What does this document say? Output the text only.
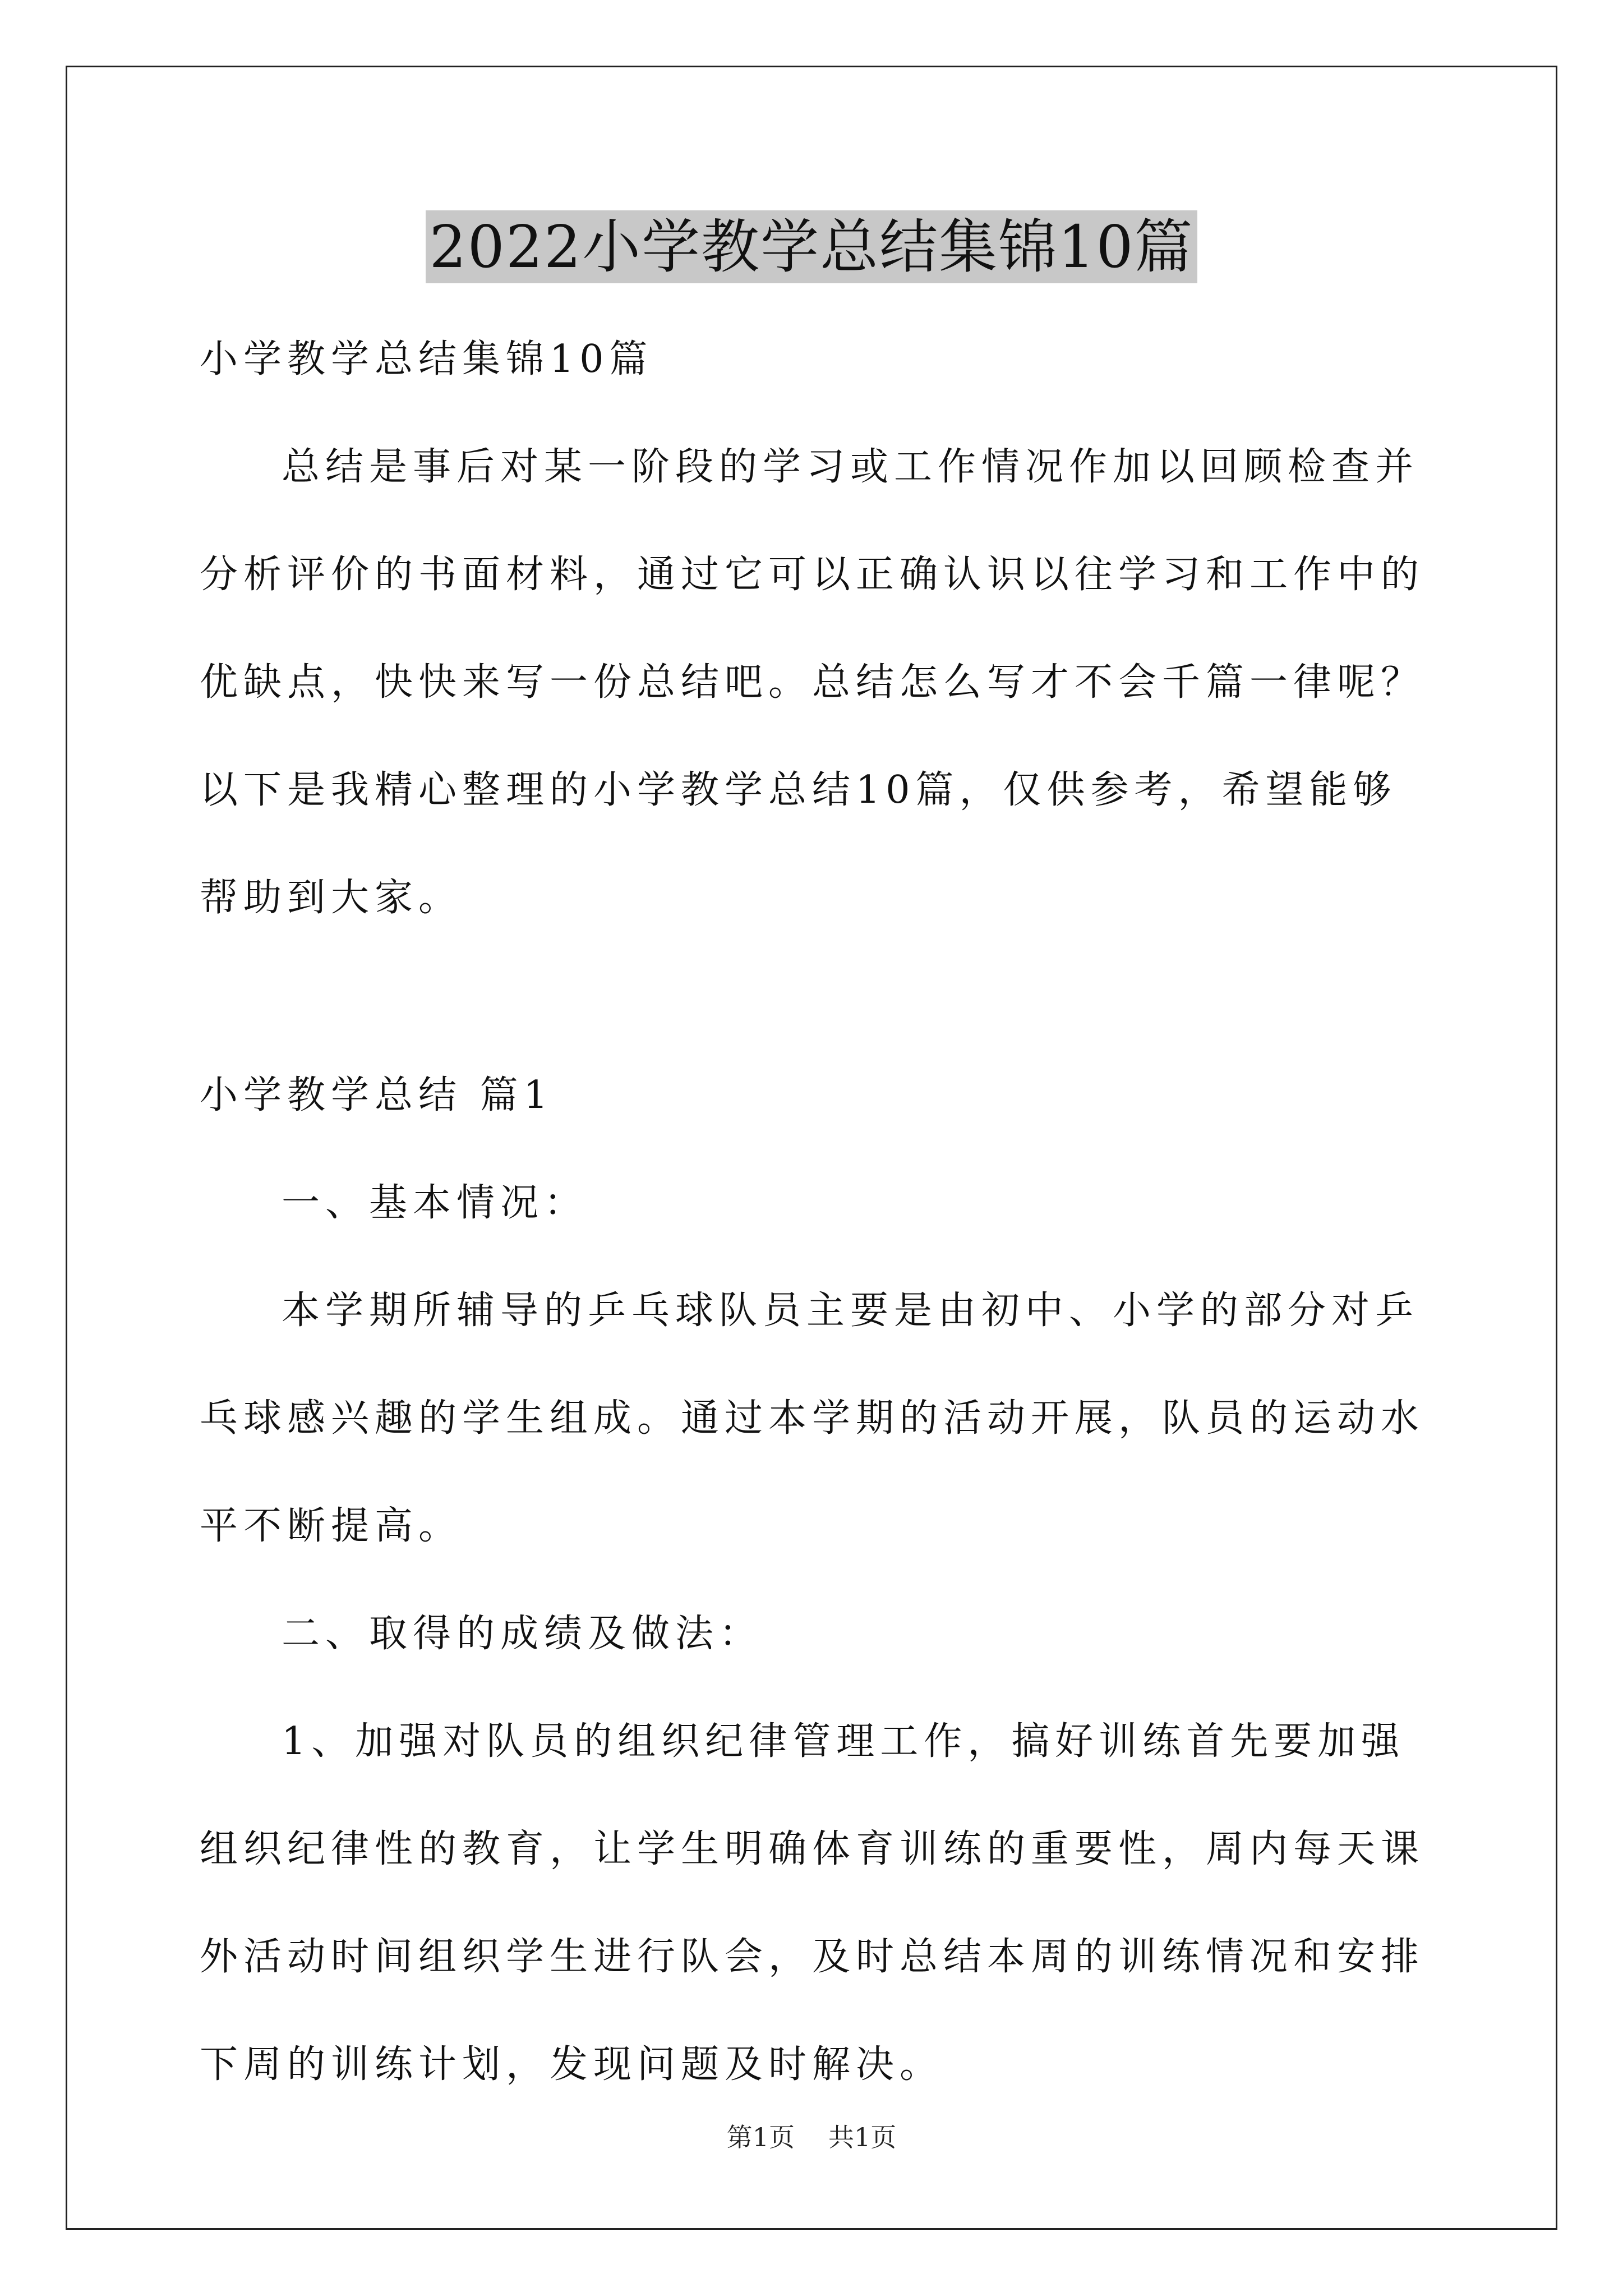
2022小学教学总结集锦10篇

小学教学总结集锦10篇

总结是事后对某一阶段的学习或工作情况作加以回顾检查并分析评价的书面材料，通过它可以正确认识以往学习和工作中的优缺点，快快来写一份总结吧。总结怎么写才不会千篇一律呢？以下是我精心整理的小学教学总结10篇，仅供参考，希望能够帮助到大家。

小学教学总结 篇1

一、基本情况：

本学期所辅导的乒乓球队员主要是由初中、小学的部分对乒乓球感兴趣的学生组成。通过本学期的活动开展，队员的运动水平不断提高。

二、取得的成绩及做法：

1、加强对队员的组织纪律管理工作，搞好训练首先要加强组织纪律性的教育，让学生明确体育训练的重要性，周内每天课外活动时间组织学生进行队会，及时总结本周的训练情况和安排下周的训练计划，发现问题及时解决。

第1页 共1页
